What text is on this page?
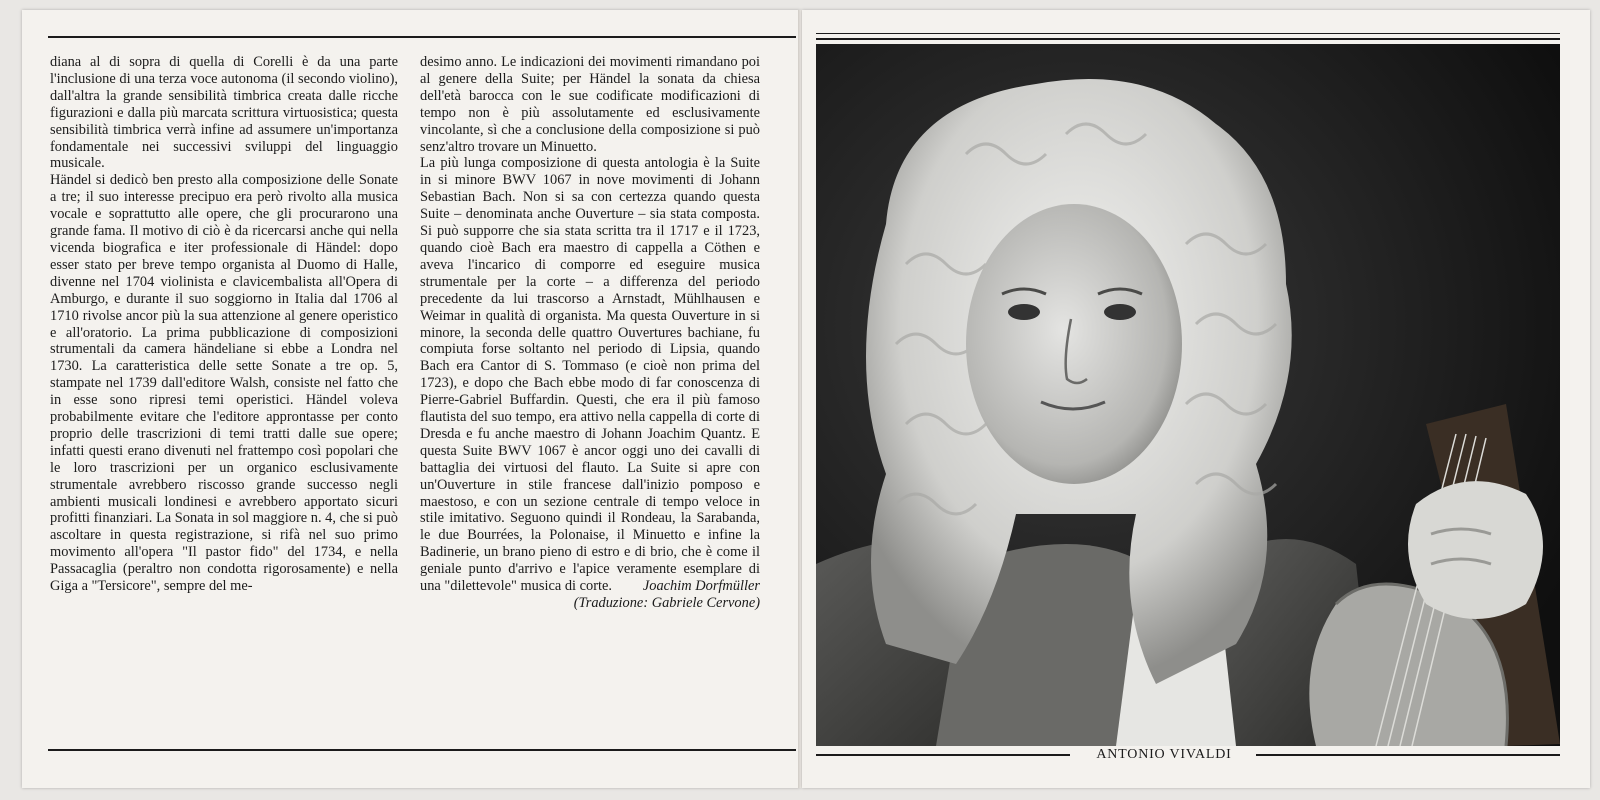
diana al di sopra di quella di Corelli è da una parte l'inclusione di una terza voce autonoma (il secondo violino), dall'altra la grande sensibilità timbrica creata dalle ricche figurazioni e dalla più marcata scrittura virtuosistica; questa sensibilità timbrica verrà infine ad assumere un'importanza fondamentale nei successivi sviluppi del linguaggio musicale.

Händel si dedicò ben presto alla composizione delle Sonate a tre; il suo interesse precipuo era però rivolto alla musica vocale e soprattutto alle opere, che gli procurarono una grande fama. Il motivo di ciò è da ricercarsi anche qui nella vicenda biografica e iter professionale di Händel: dopo esser stato per breve tempo organista al Duomo di Halle, divenne nel 1704 violinista e clavicembalista all'Opera di Amburgo, e durante il suo soggiorno in Italia dal 1706 al 1710 rivolse ancor più la sua attenzione al genere operistico e all'oratorio. La prima pubblicazione di composizioni strumentali da camera händeliane si ebbe a Londra nel 1730. La caratteristica delle sette Sonate a tre op. 5, stampate nel 1739 dall'editore Walsh, consiste nel fatto che in esse sono ripresi temi operistici. Händel voleva probabilmente evitare che l'editore approntasse per conto proprio delle trascrizioni di temi tratti dalle sue opere; infatti questi erano divenuti nel frattempo così popolari che le loro trascrizioni per un organico esclusivamente strumentale avrebbero riscosso grande successo negli ambienti musicali londinesi e avrebbero apportato sicuri profitti finanziari. La Sonata in sol maggiore n. 4, che si può ascoltare in questa registrazione, si rifà nel suo primo movimento all'opera "Il pastor fido" del 1734, e nella Passacaglia (peraltro non condotta rigorosamente) e nella Giga a "Tersicore", sempre del me-

desimo anno. Le indicazioni dei movimenti rimandano poi al genere della Suite; per Händel la sonata da chiesa dell'età barocca con le sue codificate modificazioni di tempo non è più assolutamente ed esclusivamente vincolante, sì che a conclusione della composizione si può senz'altro trovare un Minuetto.

La più lunga composizione di questa antologia è la Suite in si minore BWV 1067 in nove movimenti di Johann Sebastian Bach. Non si sa con certezza quando questa Suite – denominata anche Ouverture – sia stata composta. Si può supporre che sia stata scritta tra il 1717 e il 1723, quando cioè Bach era maestro di cappella a Cöthen e aveva l'incarico di comporre ed eseguire musica strumentale per la corte – a differenza del periodo precedente da lui trascorso a Arnstadt, Mühlhausen e Weimar in qualità di organista. Ma questa Ouverture in si minore, la seconda delle quattro Ouvertures bachiane, fu compiuta forse soltanto nel periodo di Lipsia, quando Bach era Cantor di S. Tommaso (e cioè non prima del 1723), e dopo che Bach ebbe modo di far conoscenza di Pierre-Gabriel Buffardin. Questi, che era il più famoso flautista del suo tempo, era attivo nella cappella di corte di Dresda e fu anche maestro di Johann Joachim Quantz. E questa Suite BWV 1067 è ancor oggi uno dei cavalli di battaglia dei virtuosi del flauto. La Suite si apre con un'Ouverture in stile francese dall'inizio pomposo e maestoso, e con un sezione centrale di tempo veloce in stile imitativo. Seguono quindi il Rondeau, la Sarabanda, le due Bourrées, la Polonaise, il Minuetto e infine la Badinerie, un brano pieno di estro e di brio, che è come il geniale punto d'arrivo e l'apice veramente esemplare di una "dilettevole" musica di corte. Joachim Dorfmüller

(Traduzione: Gabriele Cervone)

ANTONIO VIVALDI
